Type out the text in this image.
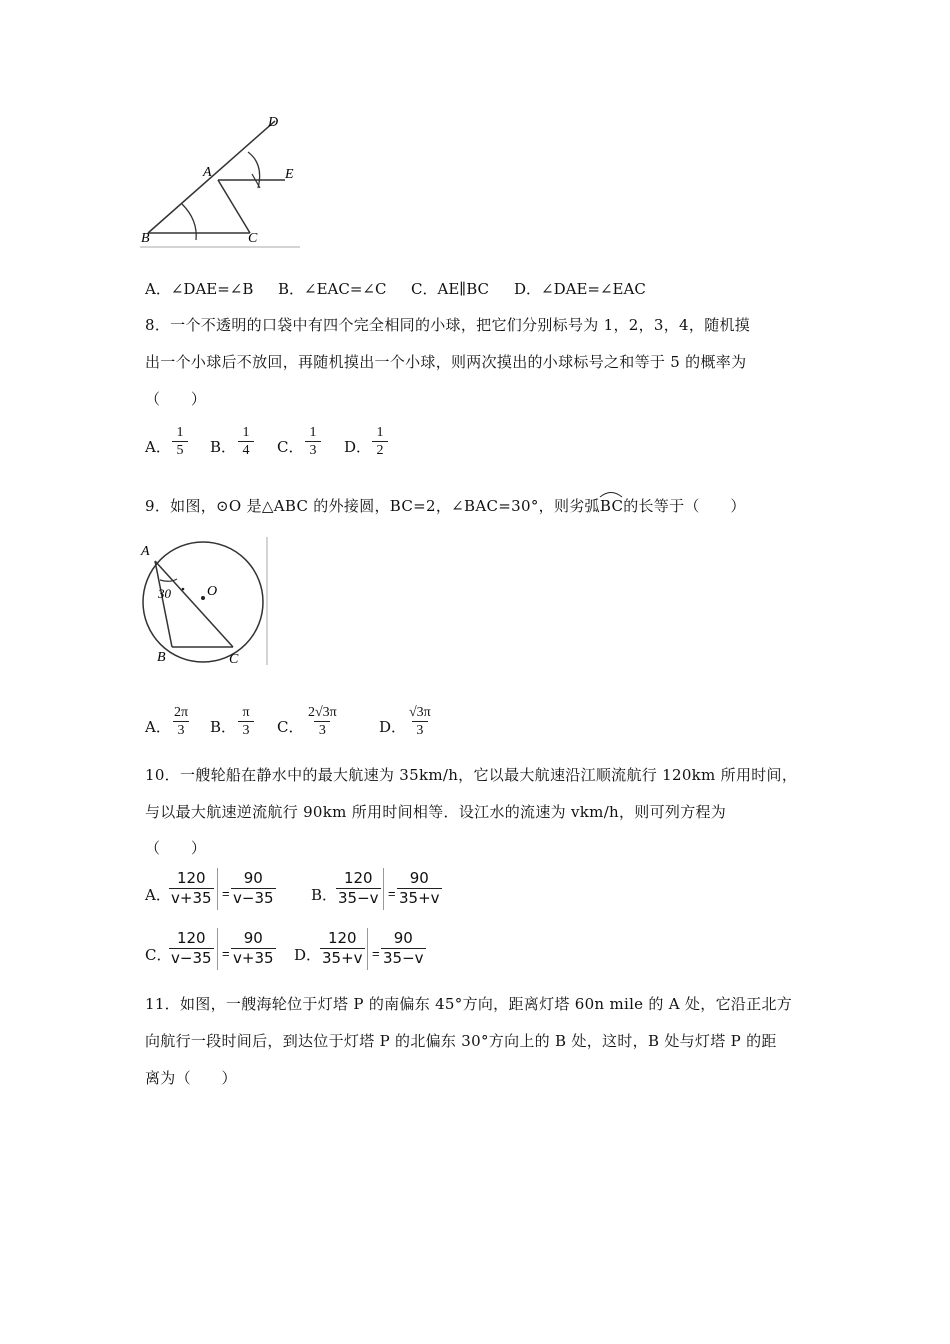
D
A	E
B	C
A．∠DAE=∠B B．∠EAC=∠C C．AE∥BC D．∠DAE=∠EAC
8．一个不透明的口袋中有四个完全相同的小球，把它们分别标号为 1，2，3，4，随机摸
出一个小球后不放回，再随机摸出一个小球，则两次摸出的小球标号之和等于 5 的概率为
（　　）
A． $\frac{1}{5}$ B． $\frac{1}{4}$ C． $\frac{1}{3}$ D． $\frac{1}{2}$
9．如图，⊙O 是△ABC 的外接圆，BC=2，∠BAC=30°，则劣弧
BC的长等于（　　）
A
30	O
B	C
A． $\frac{2\pi}{3}$ B． $\frac{\pi}{3}$ C． $\frac{2√3\pi}{3}$	D． $\frac{√3\pi}{3}$
10．一艘轮船在静水中的最大航速为 35km/h，它以最大航速沿江顺流航行 120km 所用时间，
与以最大航速逆流航行 90km 所用时间相等．设江水的流速为 vkm/h，则可列方程为
（　　）
A．
$\frac{120}{v+35} = \frac{90}{v-35}$ B．
$\frac{120}{35-v} = \frac{90}{35+v}$
C．
$\frac{120}{v-35} = \frac{90}{v+35}$ D．
$\frac{120}{35+v} = \frac{90}{35-v}$
11．如图，一艘海轮位于灯塔 P 的南偏东 45°方向，距离灯塔 60n mile 的 A 处，它沿正北方
向航行一段时间后，到达位于灯塔 P 的北偏东 30°方向上的 B 处，这时，B 处与灯塔 P 的距
离为（　　）
